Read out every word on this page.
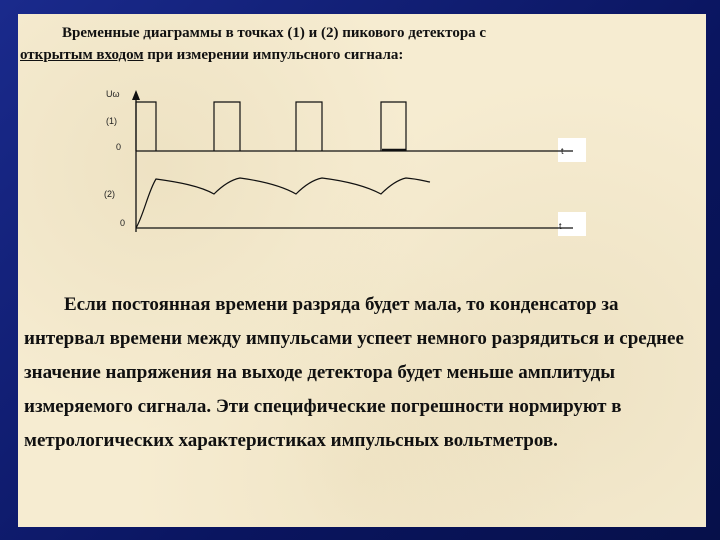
Временные диаграммы в точках (1) и (2) пикового детектора с
открытым входом при измерении импульсного сигнала:
Uω
(1)
0	t
(2)
0	t
Если постоянная времени разряда будет мала, то конденсатор за интервал времени между импульсами успеет немного разрядиться и среднее значение напряжения на выходе детектора будет меньше амплитуды измеряемого сигнала. Эти специфические погрешности нормируют в метрологических характеристиках импульсных вольтметров.
